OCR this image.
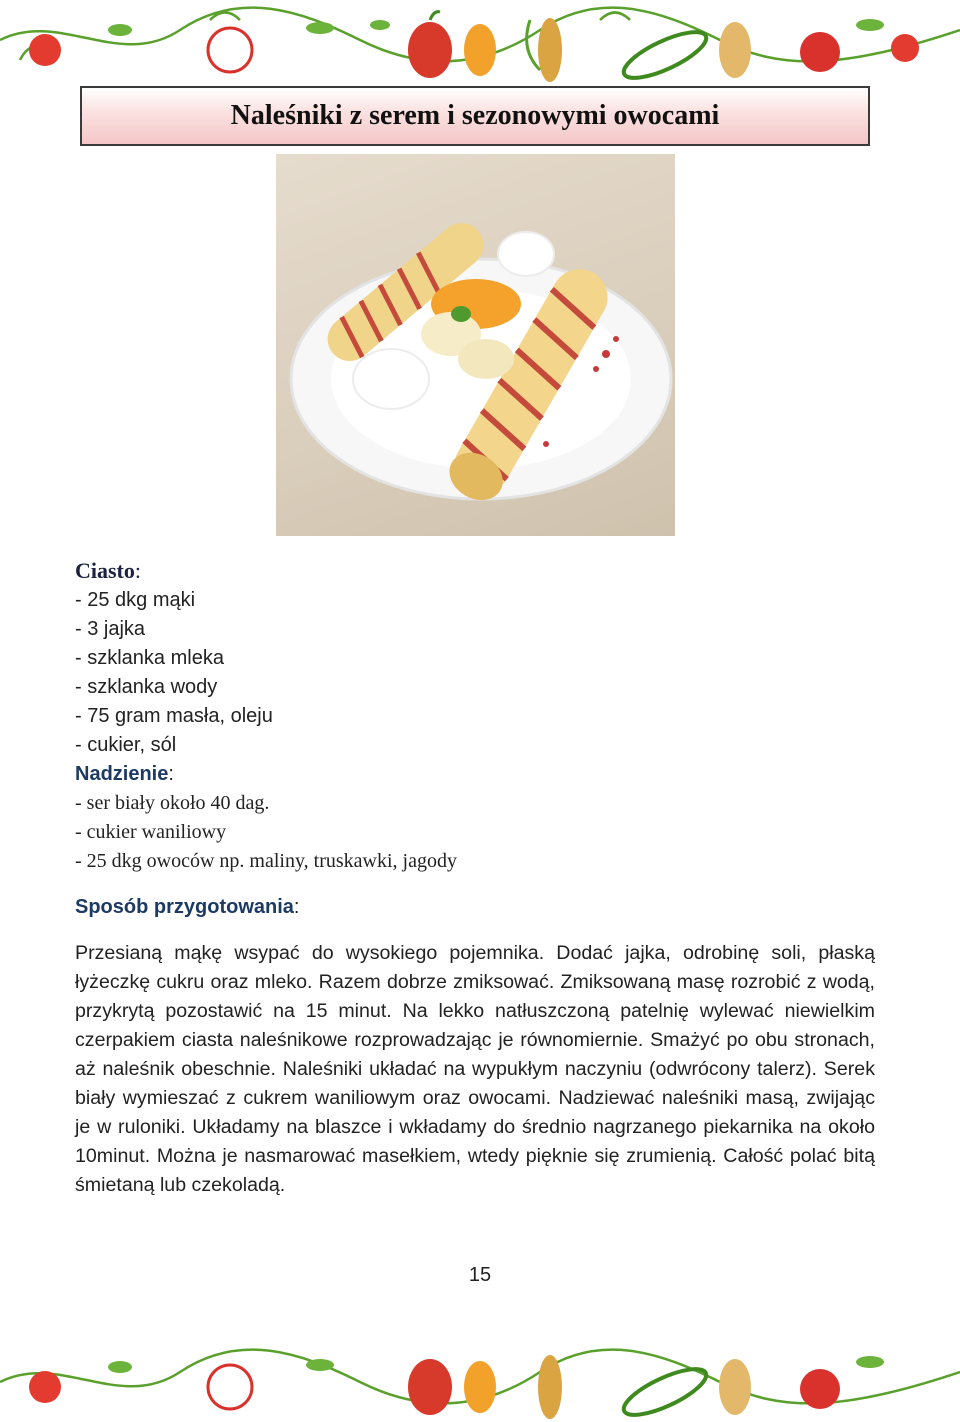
Naleśniki z serem i sezonowymi owocami

Ciasto:

- 25 dkg mąki

- 3 jajka

- szklanka mleka

- szklanka wody

- 75 gram masła, oleju

- cukier, sól

Nadzienie:

- ser biały około 40 dag.

- cukier waniliowy

- 25 dkg owoców np. maliny, truskawki, jagody

Sposób przygotowania:

Przesianą mąkę wsypać do wysokiego pojemnika. Dodać jajka, odrobinę soli, płaską łyżeczkę cukru oraz mleko. Razem dobrze zmiksować. Zmiksowaną masę rozrobić z wodą, przykrytą pozostawić na 15 minut. Na lekko natłuszczoną patelnię wylewać niewielkim czerpakiem ciasta naleśnikowe rozprowadzając je równomiernie. Smażyć po obu stronach, aż naleśnik obeschnie. Naleśniki układać na wypukłym naczyniu (odwrócony talerz). Serek biały wymieszać z cukrem waniliowym oraz owocami. Nadziewać naleśniki masą, zwijając je w ruloniki. Układamy na blaszce i wkładamy do średnio nagrzanego piekarnika na około 10minut. Można je nasmarować masełkiem, wtedy pięknie się zrumienią. Całość polać bitą śmietaną lub czekoladą.

15
